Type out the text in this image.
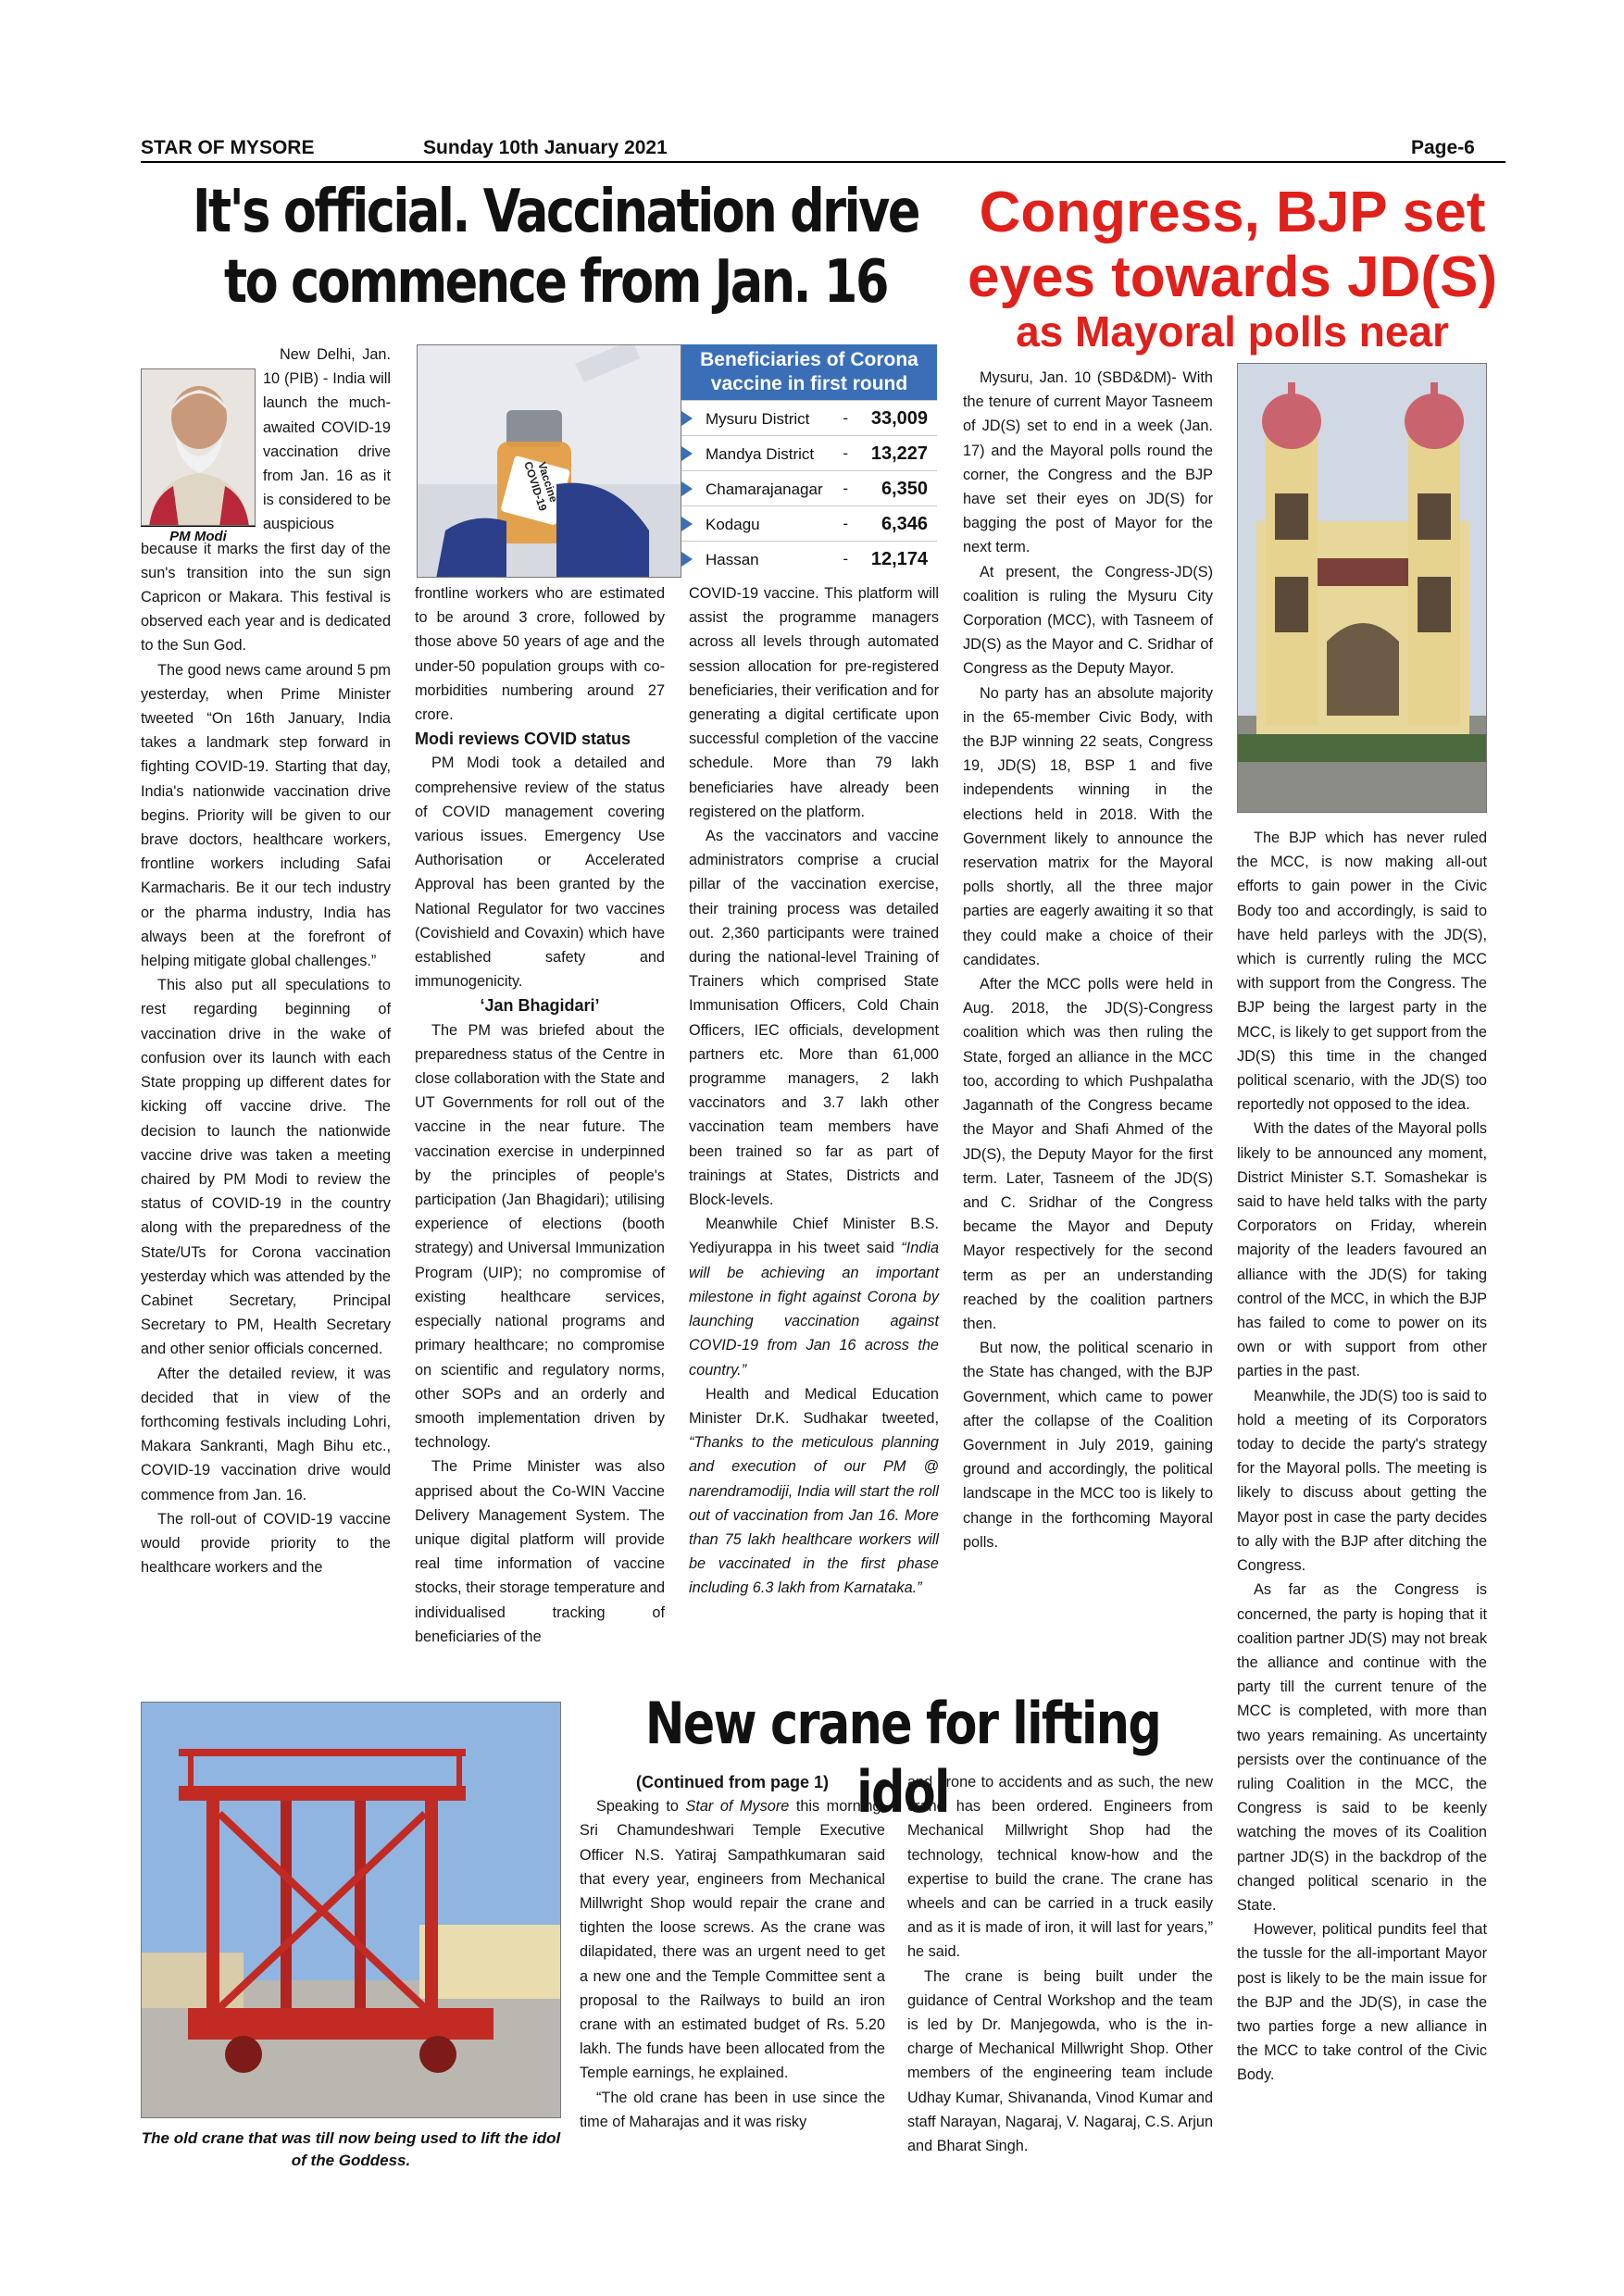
STAR OF MYSORE	Sunday 10th January 2021	Page-6
It's official. Vaccination drive
to commence from Jan. 16
Congress, BJP set
eyes towards JD(S)
as Mayoral polls near
PM Modi

New Delhi, Jan. 10 (PIB) - India will launch the much-awaited COVID-19 vaccination drive from Jan. 16 as it is considered to be auspicious because it marks the first day of the sun's transition into the sun sign Capricon or Makara. This festival is observed each year and is dedicated to the Sun God.

The good news came around 5 pm yesterday, when Prime Minister tweeted “On 16th January, India takes a landmark step forward in fighting COVID-19. Starting that day, India's nationwide vaccination drive begins. Priority will be given to our brave doctors, healthcare workers, frontline workers including Safai Karmacharis. Be it our tech industry or the pharma industry, India has always been at the forefront of helping mitigate global challenges.”

This also put all speculations to rest regarding beginning of vaccination drive in the wake of confusion over its launch with each State propping up different dates for kicking off vaccine drive. The decision to launch the nationwide vaccine drive was taken a meeting chaired by PM Modi to review the status of COVID-19 in the country along with the preparedness of the State/UTs for Corona vaccination yesterday which was attended by the Cabinet Secretary, Principal Secretary to PM, Health Secretary and other senior officials concerned.

After the detailed review, it was decided that in view of the forthcoming festivals including Lohri, Makara Sankranti, Magh Bihu etc., COVID-19 vaccination drive would commence from Jan. 16.

The roll-out of COVID-19 vaccine would provide priority to the healthcare workers and the

Vaccine COVID-19
Beneficiaries of Corona vaccine in first round
Mysuru District - 33,009
Mandya District - 13,227
Chamarajanagar - 6,350
Kodagu	- 6,346
Hassan	- 12,174

frontline workers who are estimated to be around 3 crore, followed by those above 50 years of age and the under-50 population groups with co-morbidities numbering around 27 crore.

Modi reviews COVID status

PM Modi took a detailed and comprehensive review of the status of COVID management covering various issues. Emergency Use Authorisation or Accelerated Approval has been granted by the National Regulator for two vaccines (Covishield and Covaxin) which have established safety and immunogenicity.

‘Jan Bhagidari’

The PM was briefed about the preparedness status of the Centre in close collaboration with the State and UT Governments for roll out of the vaccine in the near future. The vaccination exercise in underpinned by the principles of people's participation (Jan Bhagidari); utilising experience of elections (booth strategy) and Universal Immunization Program (UIP); no compromise of existing healthcare services, especially national programs and primary healthcare; no compromise on scientific and regulatory norms, other SOPs and an orderly and smooth implementation driven by technology.

The Prime Minister was also apprised about the Co-WIN Vaccine Delivery Management System. The unique digital platform will provide real time information of vaccine stocks, their storage temperature and individualised tracking of beneficiaries of the

COVID-19 vaccine. This platform will assist the programme managers across all levels through automated session allocation for pre-registered beneficiaries, their verification and for generating a digital certificate upon successful completion of the vaccine schedule. More than 79 lakh beneficiaries have already been registered on the platform.

As the vaccinators and vaccine administrators comprise a crucial pillar of the vaccination exercise, their training process was detailed out. 2,360 participants were trained during the national-level Training of Trainers which comprised State Immunisation Officers, Cold Chain Officers, IEC officials, development partners etc. More than 61,000 programme managers, 2 lakh vaccinators and 3.7 lakh other vaccination team members have been trained so far as part of trainings at States, Districts and Block-levels.

Meanwhile Chief Minister B.S. Yediyurappa in his tweet said “India will be achieving an important milestone in fight against Corona by launching vaccination against COVID-19 from Jan 16 across the country.”

Health and Medical Education Minister Dr.K. Sudhakar tweeted, “Thanks to the meticulous planning and execution of our PM @ narendramodiji, India will start the roll out of vaccination from Jan 16. More than 75 lakh healthcare workers will be vaccinated in the first phase including 6.3 lakh from Karnataka.”

Mysuru, Jan. 10 (SBD&DM)- With the tenure of current Mayor Tasneem of JD(S) set to end in a week (Jan. 17) and the Mayoral polls round the corner, the Congress and the BJP have set their eyes on JD(S) for bagging the post of Mayor for the next term.

At present, the Congress-JD(S) coalition is ruling the Mysuru City Corporation (MCC), with Tasneem of JD(S) as the Mayor and C. Sridhar of Congress as the Deputy Mayor.

No party has an absolute majority in the 65-member Civic Body, with the BJP winning 22 seats, Congress 19, JD(S) 18, BSP 1 and five independents winning in the elections held in 2018. With the Government likely to announce the reservation matrix for the Mayoral polls shortly, all the three major parties are eagerly awaiting it so that they could make a choice of their candidates.

After the MCC polls were held in Aug. 2018, the JD(S)-Congress coalition which was then ruling the State, forged an alliance in the MCC too, according to which Pushpalatha Jagannath of the Congress became the Mayor and Shafi Ahmed of the JD(S), the Deputy Mayor for the first term. Later, Tasneem of the JD(S) and C. Sridhar of the Congress became the Mayor and Deputy Mayor respectively for the second term as per an understanding reached by the coalition partners then.

But now, the political scenario in the State has changed, with the BJP Government, which came to power after the collapse of the Coalition Government in July 2019, gaining ground and accordingly, the political landscape in the MCC too is likely to change in the forthcoming Mayoral polls.

The BJP which has never ruled the MCC, is now making all-out efforts to gain power in the Civic Body too and accordingly, is said to have held parleys with the JD(S), which is currently ruling the MCC with support from the Congress. The BJP being the largest party in the MCC, is likely to get support from the JD(S) this time in the changed political scenario, with the JD(S) too reportedly not opposed to the idea.

With the dates of the Mayoral polls likely to be announced any moment, District Minister S.T. Somashekar is said to have held talks with the party Corporators on Friday, wherein majority of the leaders favoured an alliance with the JD(S) for taking control of the MCC, in which the BJP has failed to come to power on its own or with support from other parties in the past.

Meanwhile, the JD(S) too is said to hold a meeting of its Corporators today to decide the party's strategy for the Mayoral polls. The meeting is likely to discuss about getting the Mayor post in case the party decides to ally with the BJP after ditching the Congress.

As far as the Congress is concerned, the party is hoping that it coalition partner JD(S) may not break the alliance and continue with the party till the current tenure of the MCC is completed, with more than two years remaining. As uncertainty persists over the continuance of the ruling Coalition in the MCC, the Congress is said to be keenly watching the moves of its Coalition partner JD(S) in the backdrop of the changed political scenario in the State.

However, political pundits feel that the tussle for the all-important Mayor post is likely to be the main issue for the BJP and the JD(S), in case the two parties forge a new alliance in the MCC to take control of the Civic Body.

New crane for lifting idol
The old crane that was till now being used to lift the idol of the Goddess.

(Continued from page 1)

Speaking to Star of Mysore this morning, Sri Chamundeshwari Temple Executive Officer N.S. Yatiraj Sampathkumaran said that every year, engineers from Mechanical Millwright Shop would repair the crane and tighten the loose screws. As the crane was dilapidated, there was an urgent need to get a new one and the Temple Committee sent a proposal to the Railways to build an iron crane with an estimated budget of Rs. 5.20 lakh. The funds have been allocated from the Temple earnings, he explained.

“The old crane has been in use since the time of Maharajas and it was risky

and prone to accidents and as such, the new crane has been ordered. Engineers from Mechanical Millwright Shop had the technology, technical know-how and the expertise to build the crane. The crane has wheels and can be carried in a truck easily and as it is made of iron, it will last for years,” he said.

The crane is being built under the guidance of Central Workshop and the team is led by Dr. Manjegowda, who is the in-charge of Mechanical Millwright Shop. Other members of the engineering team include Udhay Kumar, Shivananda, Vinod Kumar and staff Narayan, Nagaraj, V. Nagaraj, C.S. Arjun and Bharat Singh.
